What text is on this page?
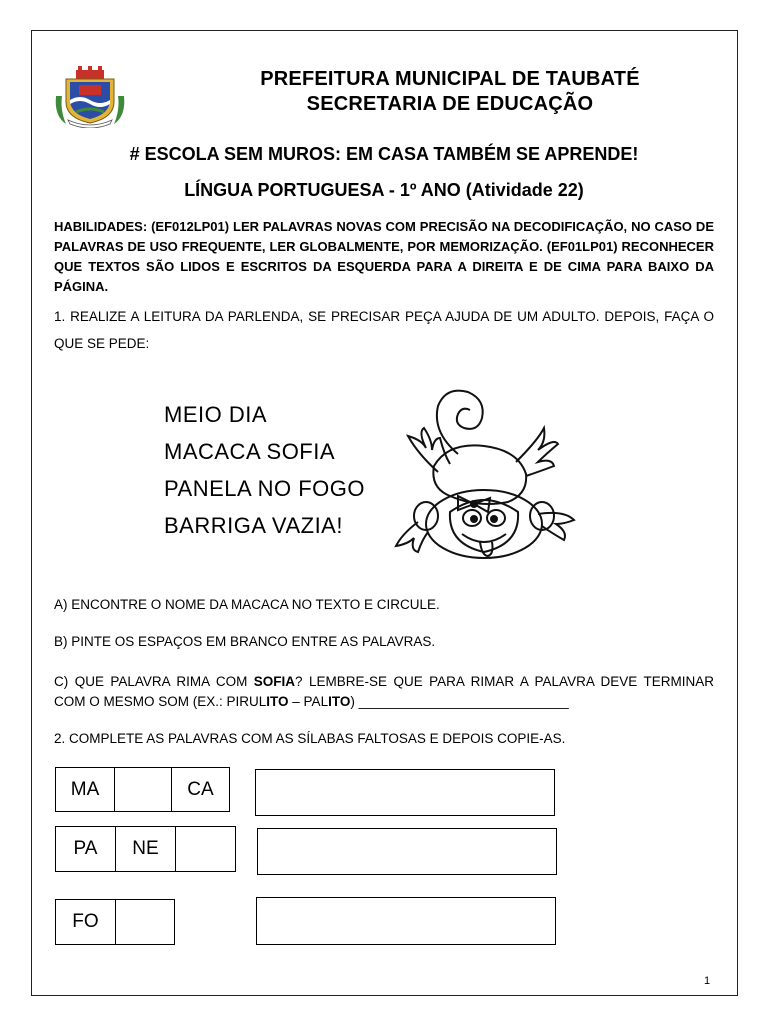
PREFEITURA MUNICIPAL DE TAUBATÉ
SECRETARIA DE EDUCAÇÃO
# ESCOLA SEM MUROS: EM CASA TAMBÉM SE APRENDE!
LÍNGUA PORTUGUESA - 1º ANO (Atividade 22)
HABILIDADES: (EF012LP01) LER PALAVRAS NOVAS COM PRECISÃO NA DECODIFICAÇÃO, NO CASO DE PALAVRAS DE USO FREQUENTE, LER GLOBALMENTE, POR MEMORIZAÇÃO. (EF01LP01) RECONHECER QUE TEXTOS SÃO LIDOS E ESCRITOS DA ESQUERDA PARA A DIREITA E DE CIMA PARA BAIXO DA PÁGINA.
1. REALIZE A LEITURA DA PARLENDA, SE PRECISAR PEÇA AJUDA DE UM ADULTO. DEPOIS, FAÇA O QUE SE PEDE:
MEIO DIA
MACACA SOFIA
PANELA NO FOGO
BARRIGA VAZIA!
A) ENCONTRE O NOME DA MACACA NO TEXTO E CIRCULE.
B) PINTE OS ESPAÇOS EM BRANCO ENTRE AS PALAVRAS.
C) QUE PALAVRA RIMA COM SOFIA? LEMBRE-SE QUE PARA RIMAR A PALAVRA DEVE TERMINAR COM O MESMO SOM (EX.: PIRULITO – PALITO) ____________________________
2. COMPLETE AS PALAVRAS COM AS SÍLABAS FALTOSAS E DEPOIS COPIE-AS.
MA	CA
PA	NE
FO
1
